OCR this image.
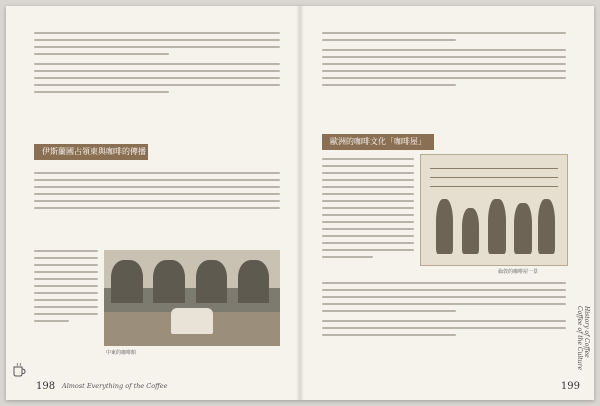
伊斯蘭國占領東與咖啡的傳播
中東的咖啡館
198 Almost Everything of the Coffee
歐洲的咖啡文化「咖啡屋」
倫敦的咖啡屋一景
History of Coffee
Coffee of the Culture
199
